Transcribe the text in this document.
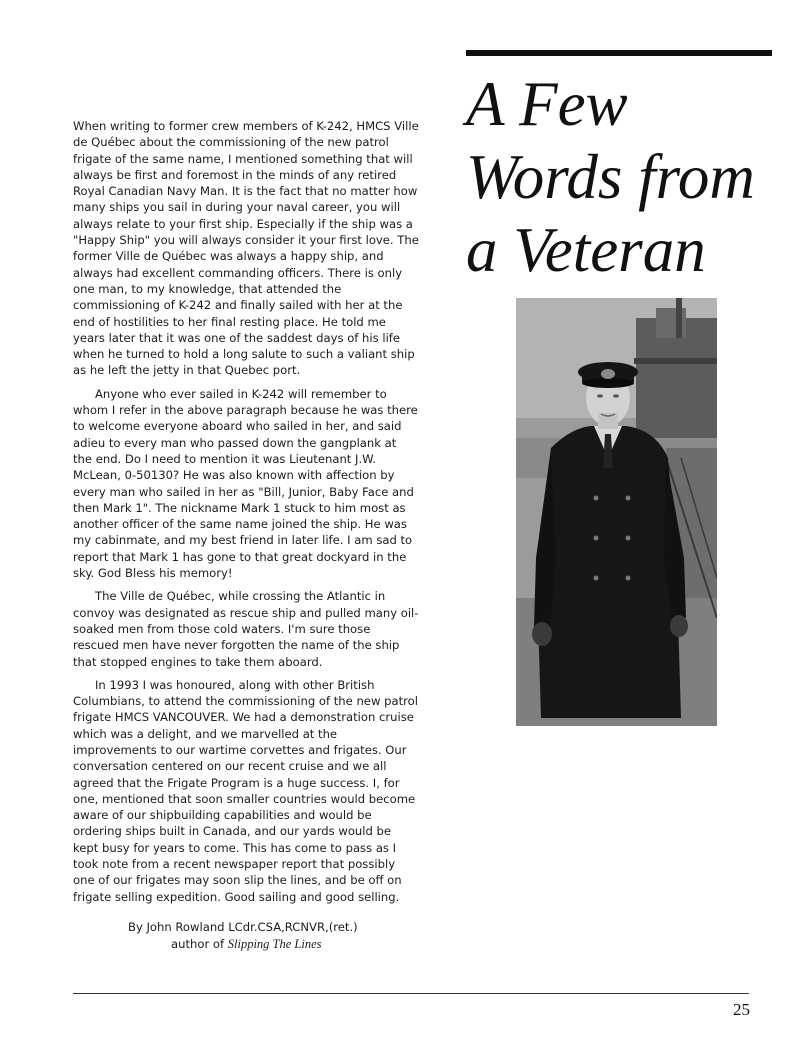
A Few
Words from
a Veteran

When writing to former crew members of K-242, HMCS Ville de Québec about the commissioning of the new patrol frigate of the same name, I mentioned something that will always be first and foremost in the minds of any retired Royal Canadian Navy Man. It is the fact that no matter how many ships you sail in during your naval career, you will always relate to your first ship. Especially if the ship was a "Happy Ship" you will always consider it your first love. The former Ville de Québec was always a happy ship, and always had excellent commanding officers. There is only one man, to my knowledge, that attended the commissioning of K-242 and finally sailed with her at the end of hostilities to her final resting place. He told me years later that it was one of the saddest days of his life when he turned to hold a long salute to such a valiant ship as he left the jetty in that Quebec port.

Anyone who ever sailed in K-242 will remember to whom I refer in the above paragraph because he was there to welcome everyone aboard who sailed in her, and said adieu to every man who passed down the gangplank at the end. Do I need to mention it was Lieutenant J.W. McLean, 0-50130? He was also known with affection by every man who sailed in her as "Bill, Junior, Baby Face and then Mark 1". The nickname Mark 1 stuck to him most as another officer of the same name joined the ship. He was my cabinmate, and my best friend in later life. I am sad to report that Mark 1 has gone to that great dockyard in the sky. God Bless his memory!

The Ville de Québec, while crossing the Atlantic in convoy was designated as rescue ship and pulled many oil-soaked men from those cold waters. I'm sure those rescued men have never forgotten the name of the ship that stopped engines to take them aboard.

In 1993 I was honoured, along with other British Columbians, to attend the commissioning of the new patrol frigate HMCS VANCOUVER. We had a demonstration cruise which was a delight, and we marvelled at the improvements to our wartime corvettes and frigates. Our conversation centered on our recent cruise and we all agreed that the Frigate Program is a huge success. I, for one, mentioned that soon smaller countries would become aware of our shipbuilding capabilities and would be ordering ships built in Canada, and our yards would be kept busy for years to come. This has come to pass as I took note from a recent newspaper report that possibly one of our frigates may soon slip the lines, and be off on frigate selling expedition. Good sailing and good selling.

By John Rowland LCdr.CSA,RCNVR,(ret.)
author of Slipping The Lines
25
